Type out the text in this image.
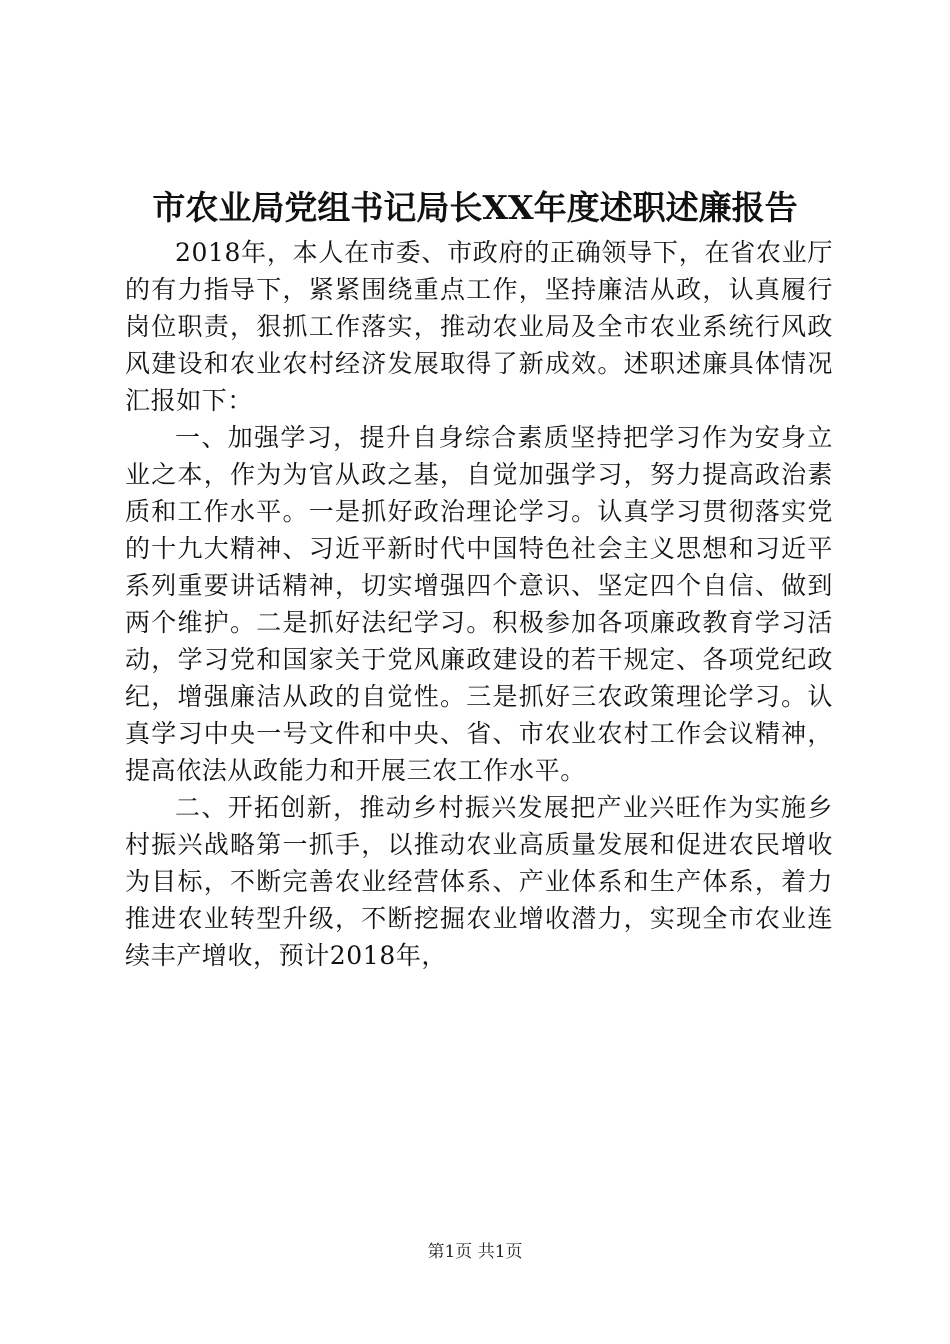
市农业局党组书记局长XX年度述职述廉报告

2018年，本人在市委、市政府的正确领导下，在省农业厅的有力指导下，紧紧围绕重点工作，坚持廉洁从政，认真履行岗位职责，狠抓工作落实，推动农业局及全市农业系统行风政风建设和农业农村经济发展取得了新成效。述职述廉具体情况汇报如下：

一、加强学习，提升自身综合素质坚持把学习作为安身立业之本，作为为官从政之基，自觉加强学习，努力提高政治素质和工作水平。一是抓好政治理论学习。认真学习贯彻落实党的十九大精神、习近平新时代中国特色社会主义思想和习近平系列重要讲话精神，切实增强四个意识、坚定四个自信、做到两个维护。二是抓好法纪学习。积极参加各项廉政教育学习活动，学习党和国家关于党风廉政建设的若干规定、各项党纪政纪，增强廉洁从政的自觉性。三是抓好三农政策理论学习。认真学习中央一号文件和中央、省、市农业农村工作会议精神，提高依法从政能力和开展三农工作水平。

二、开拓创新，推动乡村振兴发展把产业兴旺作为实施乡村振兴战略第一抓手，以推动农业高质量发展和促进农民增收为目标，不断完善农业经营体系、产业体系和生产体系，着力推进农业转型升级，不断挖掘农业增收潜力，实现全市农业连续丰产增收，预计2018年，

第1页 共1页
